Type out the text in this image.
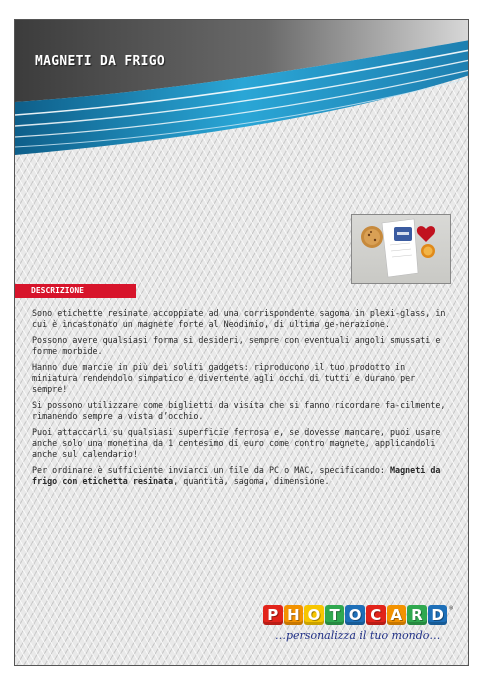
MAGNETI DA FRIGO
DESCRIZIONE

Sono etichette resinate accoppiate ad una corrispondente sagoma in plexi-glass, in cui è incastonato un magnete forte al Neodimio, di ultima ge-nerazione.

Possono avere qualsiasi forma si desideri, sempre con eventuali angoli smussati e forme morbide.

Hanno due marcie in più dei soliti gadgets: riproducono il tuo prodotto in miniatura rendendolo simpatico e divertente agli occhi di tutti e durano per sempre!

Si possono utilizzare come biglietti da visita che si fanno ricordare fa-cilmente, rimanendo sempre a vista d’occhio.

Puoi attaccarli su qualsiasi superficie ferrosa e, se dovesse mancare, puoi usare anche solo una monetina da 1 centesimo di euro come contro magnete, applicandoli anche sul calendario!

Per ordinare è sufficiente inviarci un file da PC o MAC, specificando: Magneti da frigo con etichetta resinata, quantità, sagoma, dimensione.

P H O T O C A R D ®
…personalizza il tuo mondo…
